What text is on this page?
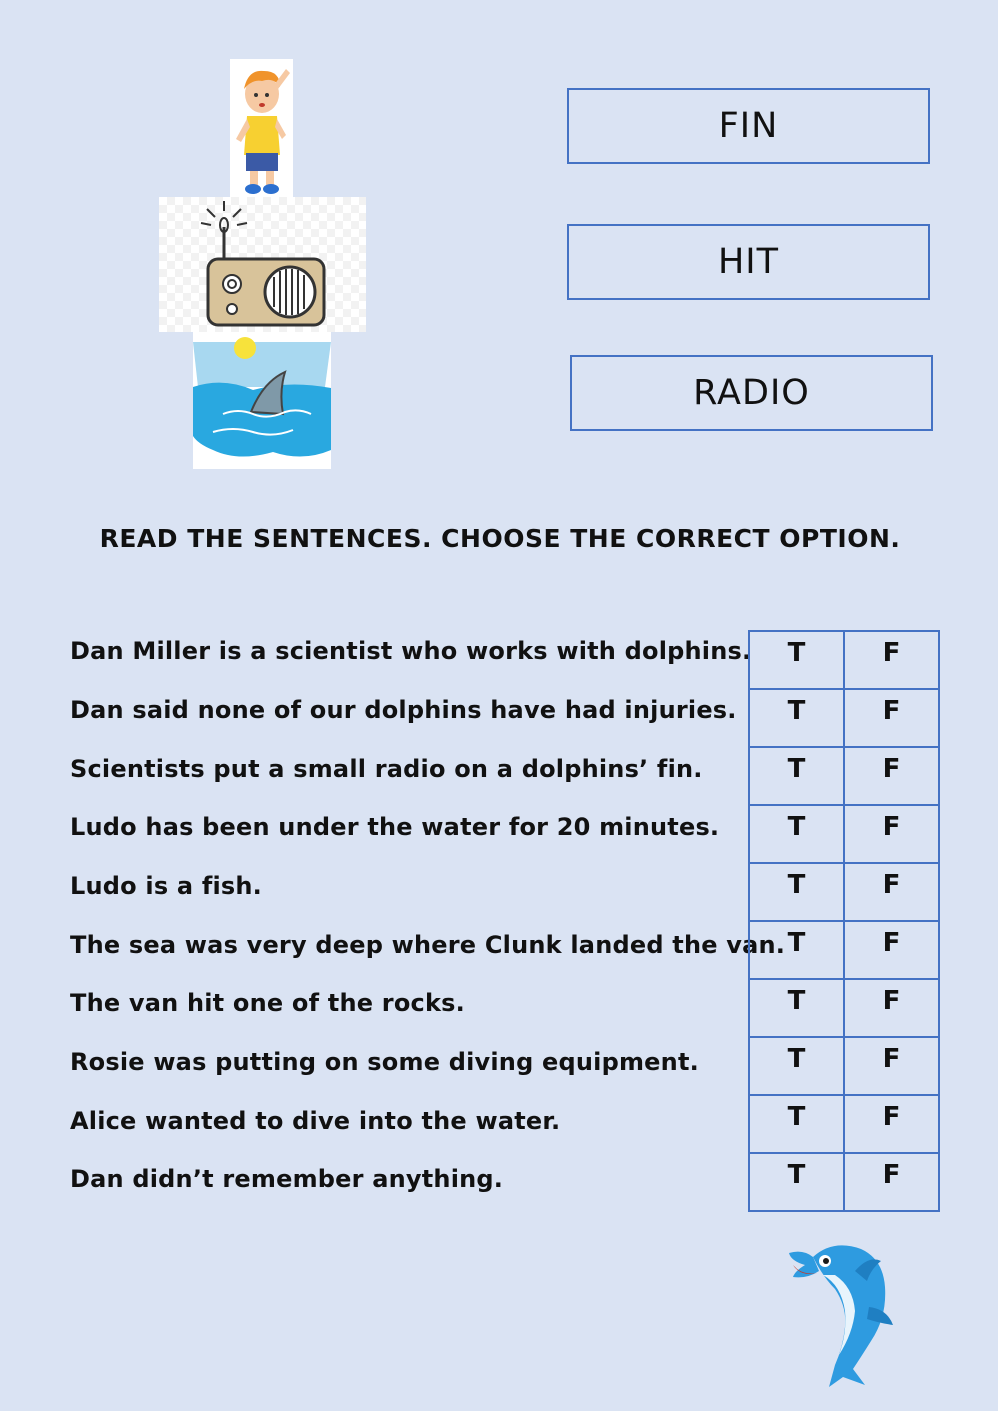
FIN
HIT
RADIO
READ THE SENTENCES. CHOOSE THE CORRECT OPTION.
Dan Miller is a scientist who works with dolphins.
Dan said none of our dolphins have had injuries.
Scientists put a small radio on a dolphins’ fin.
Ludo has been under the water for 20 minutes.
Ludo is a fish.
The sea was very deep where Clunk landed the van.
The van hit one of the rocks.
Rosie was putting on some diving equipment.
Alice wanted to dive into the water.
Dan didn’t remember anything.
T	F

T	F

T	F

T	F

T	F

T	F

T	F

T	F

T	F

T	F
